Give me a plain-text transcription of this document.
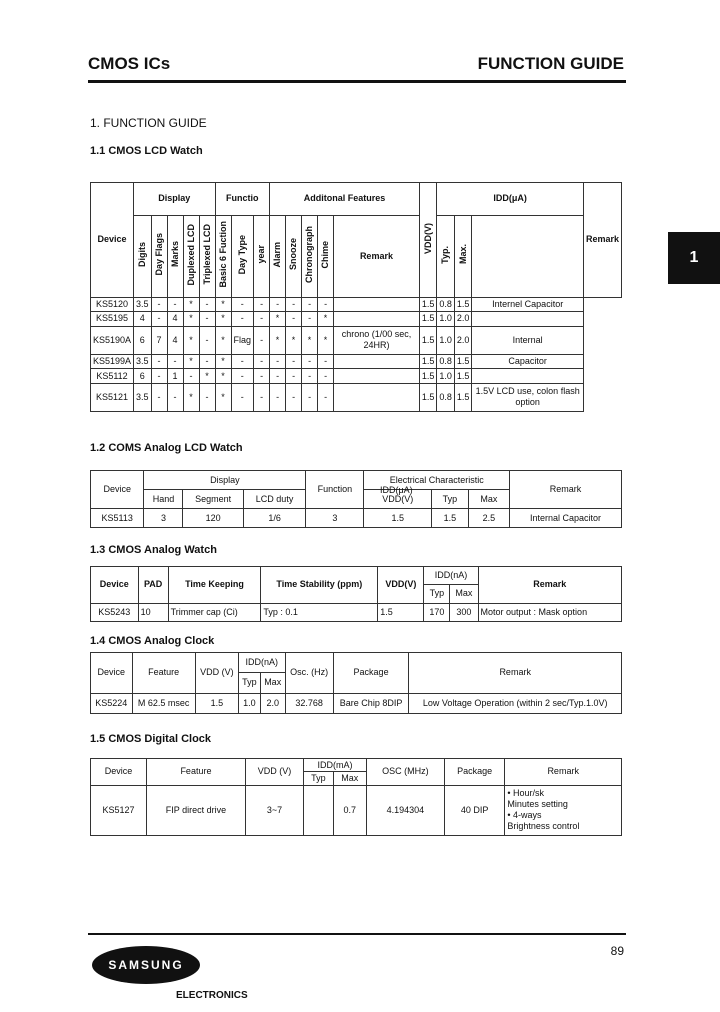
CMOS ICs	FUNCTION GUIDE
1. FUNCTION GUIDE
1
1.1 CMOS LCD Watch
Device	Display					Functio			Additonal Features					VDD(V)	IDD(μA)			Remark
	Digits	Day Flags	Marks	Duplexed LCD	Triplexed LCD	Basic 6 Fuction	Day Type	year	Alarm	Snooze	Chronograph	Chime	Remark		Typ.	Max.		
KS5120	3.5	-	-	*	-	*	-	-	-	-	-	-		1.5	0.8	1.5	Internel Capacitor	
KS5195	4	-	4	*	-	*	-	-	*	-	-	*		1.5	1.0	2.0		
KS5190A	6	7	4	*	-	*	Flag	-	*	*	*	*	chrono (1/00 sec, 24HR)	1.5	1.0	2.0	Internal	
KS5199A	3.5	-	-	*	-	*	-	-	-	-	-	-		1.5	0.8	1.5	Capacitor	
KS5112	6	-	1	-	*	*	-	-	-	-	-	-		1.5	1.0	1.5		
KS5121	3.5	-	-	*	-	*	-	-	-	-	-	-		1.5	0.8	1.5	1.5V LCD use, colon flash option	
1.2 COMS Analog LCD Watch
Device	Display			Function	Electrical Characteristic			Remark
	Hand	Segment	LCD duty		VDD(V)	Typ	Max	
KS5113	3	120	1/6	3	1.5	1.5	2.5	Internal Capacitor
IDD(μA)
1.3 CMOS Analog Watch
Device	PAD	Time Keeping	Time Stability (ppm)	VDD(V)	IDD(nA)		Remark
					Typ	Max	
KS5243	10	Trimmer cap (Ci)	Typ : 0.1	1.5	170	300	Motor output : Mask option
1.4 CMOS Analog Clock
Device	Feature	VDD (V)	IDD(nA)		Osc. (Hz)	Package	Remark
			Typ	Max			
KS5224	M 62.5 msec	1.5	1.0	2.0	32.768	Bare Chip 8DIP	Low Voltage Operation (within 2 sec/Typ.1.0V)
1.5 CMOS Digital Clock
Device	Feature	VDD (V)	IDD(mA)		OSC (MHz)	Package	Remark
			Typ	Max			
KS5127	FIP direct drive	3~7		0.7	4.194304	40 DIP	• Hour/sk
Minutes setting
• 4-ways
Brightness control
89
SAMSUNG
ELECTRONICS
